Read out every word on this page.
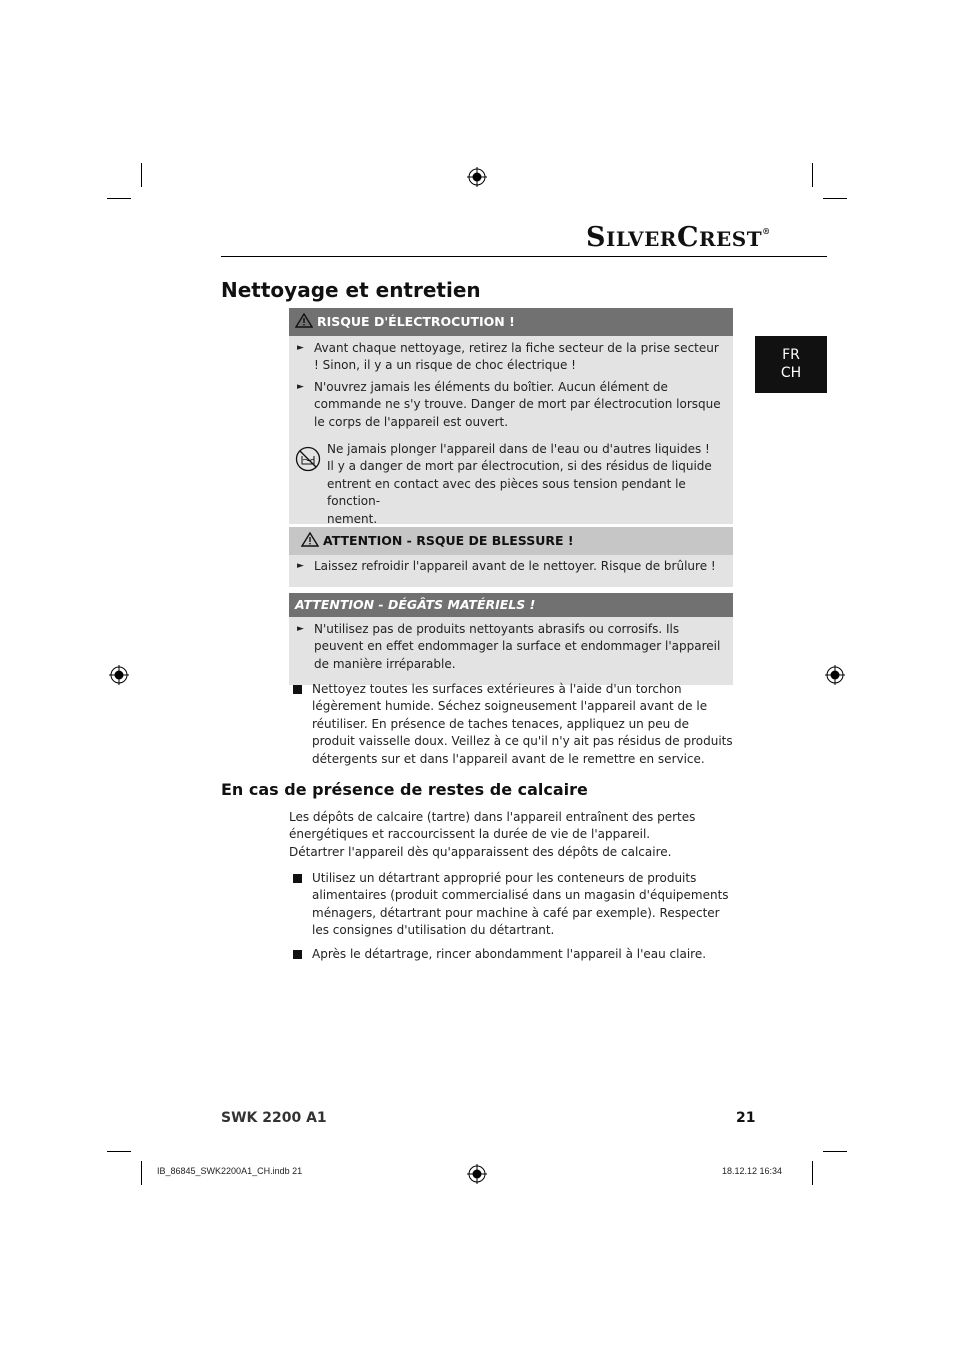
SILVERCREST®
Nettoyage et entretien
FR
CH
RISQUE D'ÉLECTROCUTION !
► Avant chaque nettoyage, retirez la fiche secteur de la prise secteur ! Sinon, il y a un risque de choc électrique !
► N'ouvrez jamais les éléments du boîtier. Aucun élément de commande ne s'y trouve. Danger de mort par électrocution lorsque le corps de l'appareil est ouvert.
Ne jamais plonger l'appareil dans de l'eau ou d'autres liquides !
Il y a danger de mort par électrocution, si des résidus de liquide
entrent en contact avec des pièces sous tension pendant le fonction-
nement.
ATTENTION - RSQUE DE BLESSURE !
► Laissez refroidir l'appareil avant de le nettoyer. Risque de brûlure !
ATTENTION - DÉGÂTS MATÉRIELS !
► N'utilisez pas de produits nettoyants abrasifs ou corrosifs. Ils peuvent en effet endommager la surface et endommager l'appareil de manière irréparable.
Nettoyez toutes les surfaces extérieures à l'aide d'un torchon légèrement humide. Séchez soigneusement l'appareil avant de le réutiliser. En présence de taches tenaces, appliquez un peu de produit vaisselle doux. Veillez à ce qu'il n'y ait pas résidus de produits détergents sur et dans l'appareil avant de le remettre en service.
En cas de présence de restes de calcaire
Les dépôts de calcaire (tartre) dans l'appareil entraînent des pertes énergétiques et raccourcissent la durée de vie de l'appareil.
Détartrer l'appareil dès qu'apparaissent des dépôts de calcaire.
Utilisez un détartrant approprié pour les conteneurs de produits alimentaires (produit commercialisé dans un magasin d'équipements ménagers, détartrant pour machine à café par exemple). Respecter les consignes d'utilisation du détartrant.
Après le détartrage, rincer abondamment l'appareil à l'eau claire.
SWK 2200 A1	21
IB_86845_SWK2200A1_CH.indb 21	18.12.12 16:34
